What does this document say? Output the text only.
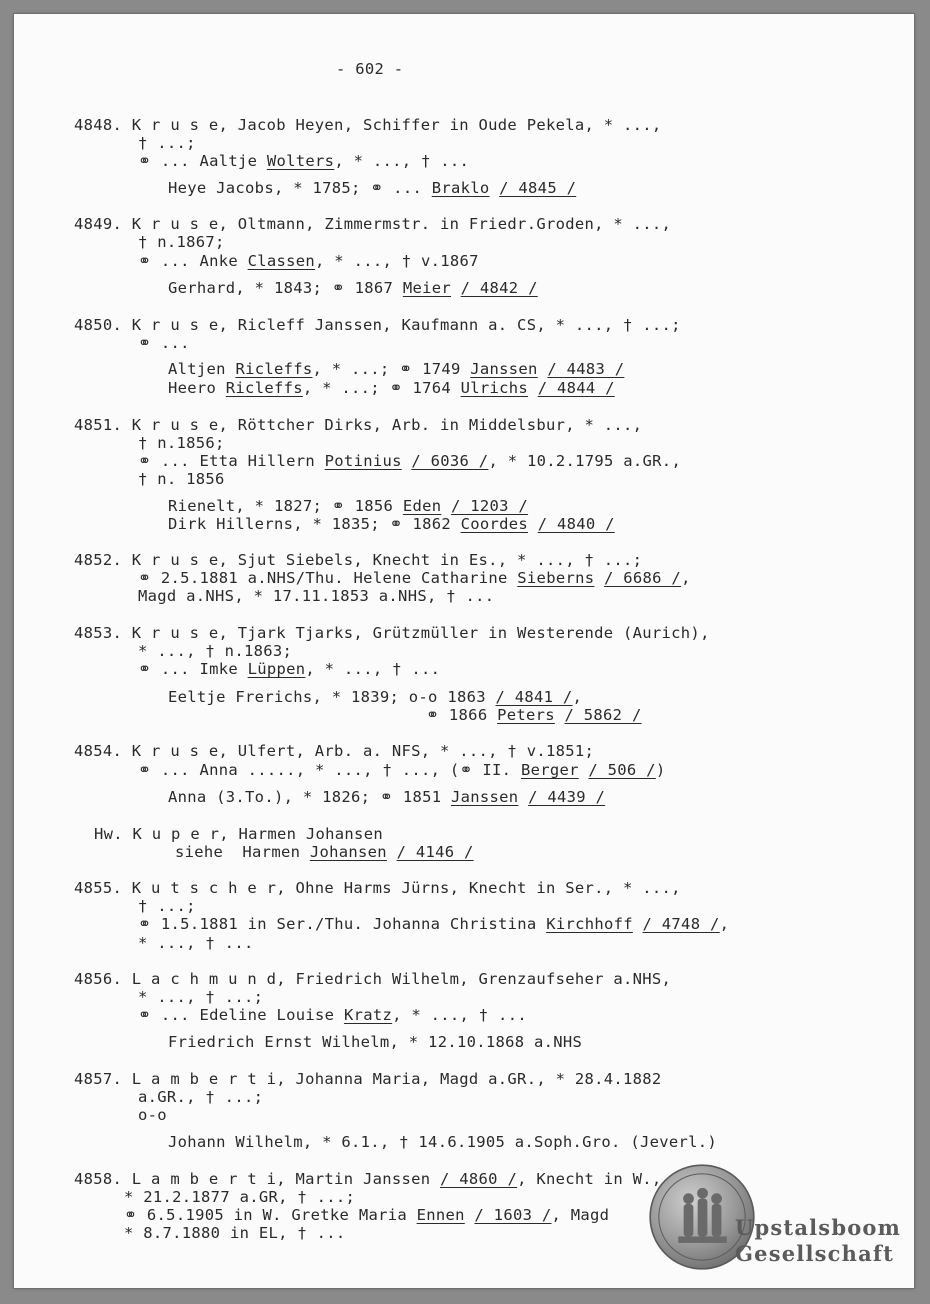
- 602 -
4848. K r u s e, Jacob Heyen, Schiffer in Oude Pekela, * ...,
† ...;
⚭ ... Aaltje Wolters, * ..., † ...
Heye Jacobs, * 1785; ⚭ ... Braklo / 4845 /
4849. K r u s e, Oltmann, Zimmermstr. in Friedr.Groden, * ...,
† n.1867;
⚭ ... Anke Classen, * ..., † v.1867
Gerhard, * 1843; ⚭ 1867 Meier / 4842 /
4850. K r u s e, Ricleff Janssen, Kaufmann a. CS, * ..., † ...;
⚭ ...
Altjen Ricleffs, * ...; ⚭ 1749 Janssen / 4483 /
Heero Ricleffs, * ...; ⚭ 1764 Ulrichs / 4844 /
4851. K r u s e, Röttcher Dirks, Arb. in Middelsbur, * ...,
† n.1856;
⚭ ... Etta Hillern Potinius / 6036 /, * 10.2.1795 a.GR.,
† n. 1856
Rienelt, * 1827; ⚭ 1856 Eden / 1203 /
Dirk Hillerns, * 1835; ⚭ 1862 Coordes / 4840 /
4852. K r u s e, Sjut Siebels, Knecht in Es., * ..., † ...;
⚭ 2.5.1881 a.NHS/Thu. Helene Catharine Sieberns / 6686 /,
Magd a.NHS, * 17.11.1853 a.NHS, † ...
4853. K r u s e, Tjark Tjarks, Grützmüller in Westerende (Aurich),
* ..., † n.1863;
⚭ ... Imke Lüppen, * ..., † ...
Eeltje Frerichs, * 1839; o-o 1863 / 4841 /,
⚭ 1866 Peters / 5862 /
4854. K r u s e, Ulfert, Arb. a. NFS, * ..., † v.1851;
⚭ ... Anna ....., * ..., † ..., (⚭ II. Berger / 506 /)
Anna (3.To.), * 1826; ⚭ 1851 Janssen / 4439 /
Hw. K u p e r, Harmen Johansen
siehe  Harmen Johansen / 4146 /
4855. K u t s c h e r, Ohne Harms Jürns, Knecht in Ser., * ...,
† ...;
⚭ 1.5.1881 in Ser./Thu. Johanna Christina Kirchhoff / 4748 /,
* ..., † ...
4856. L a c h m u n d, Friedrich Wilhelm, Grenzaufseher a.NHS,
* ..., † ...;
⚭ ... Edeline Louise Kratz, * ..., † ...
Friedrich Ernst Wilhelm, * 12.10.1868 a.NHS
4857. L a m b e r t i, Johanna Maria, Magd a.GR., * 28.4.1882
a.GR., † ...;
o-o
Johann Wilhelm, * 6.1., † 14.6.1905 a.Soph.Gro. (Jeverl.)
4858. L a m b e r t i, Martin Janssen / 4860 /, Knecht in W.,
* 21.2.1877 a.GR, † ...;
⚭ 6.5.1905 in W. Gretke Maria Ennen / 1603 /, Magd
* 8.7.1880 in EL, † ...	Upstalsboom
Gesellschaft
